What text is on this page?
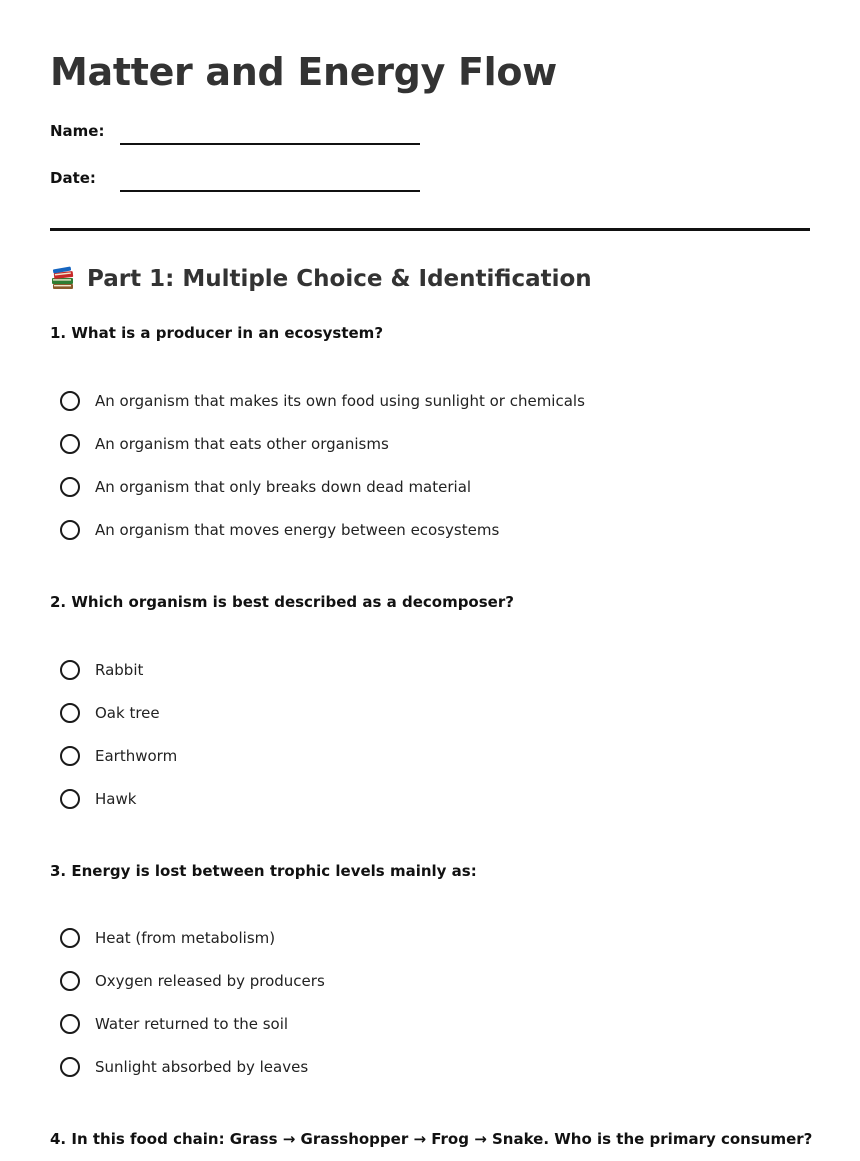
Matter and Energy Flow
Name:
Date:
Part 1: Multiple Choice & Identification

1. What is a producer in an ecosystem?

An organism that makes its own food using sunlight or chemicals
An organism that eats other organisms
An organism that only breaks down dead material
An organism that moves energy between ecosystems

2. Which organism is best described as a decomposer?

Rabbit
Oak tree
Earthworm
Hawk

3. Energy is lost between trophic levels mainly as:

Heat (from metabolism)
Oxygen released by producers
Water returned to the soil
Sunlight absorbed by leaves

4. In this food chain: Grass → Grasshopper → Frog → Snake. Who is the primary consumer?
